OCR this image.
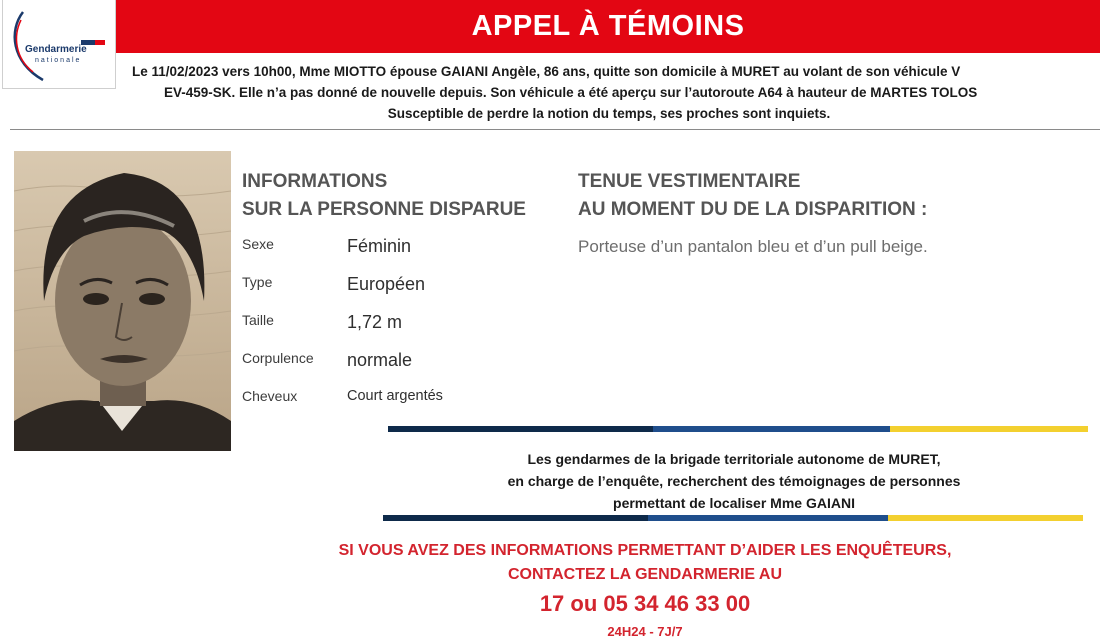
Gendarmerie
nationale
APPEL À TÉMOINS
Le 11/02/2023 vers 10h00, Mme MIOTTO épouse GAIANI Angèle, 86 ans, quitte son domicile à MURET au volant de son véhicule V
EV-459-SK. Elle n’a pas donné de nouvelle depuis. Son véhicule a été aperçu sur l’autoroute A64 à hauteur de MARTES TOLOS
Susceptible de perdre la notion du temps, ses proches sont inquiets.
INFORMATIONS
SUR LA PERSONNE DISPARUE
Sexe	Féminin
Type	Européen
Taille	1,72 m
Corpulence normale
Cheveux	Court argentés
TENUE VESTIMENTAIRE
AU MOMENT DU DE LA DISPARITION :
Porteuse d’un pantalon bleu et d’un pull beige.
Les gendarmes de la brigade territoriale autonome de MURET,
en charge de l’enquête, recherchent des témoignages de personnes
permettant de localiser Mme GAIANI
SI VOUS AVEZ DES INFORMATIONS PERMETTANT D’AIDER LES ENQUÊTEURS,
CONTACTEZ LA GENDARMERIE AU
17 ou 05 34 46 33 00
24H24 - 7J/7
